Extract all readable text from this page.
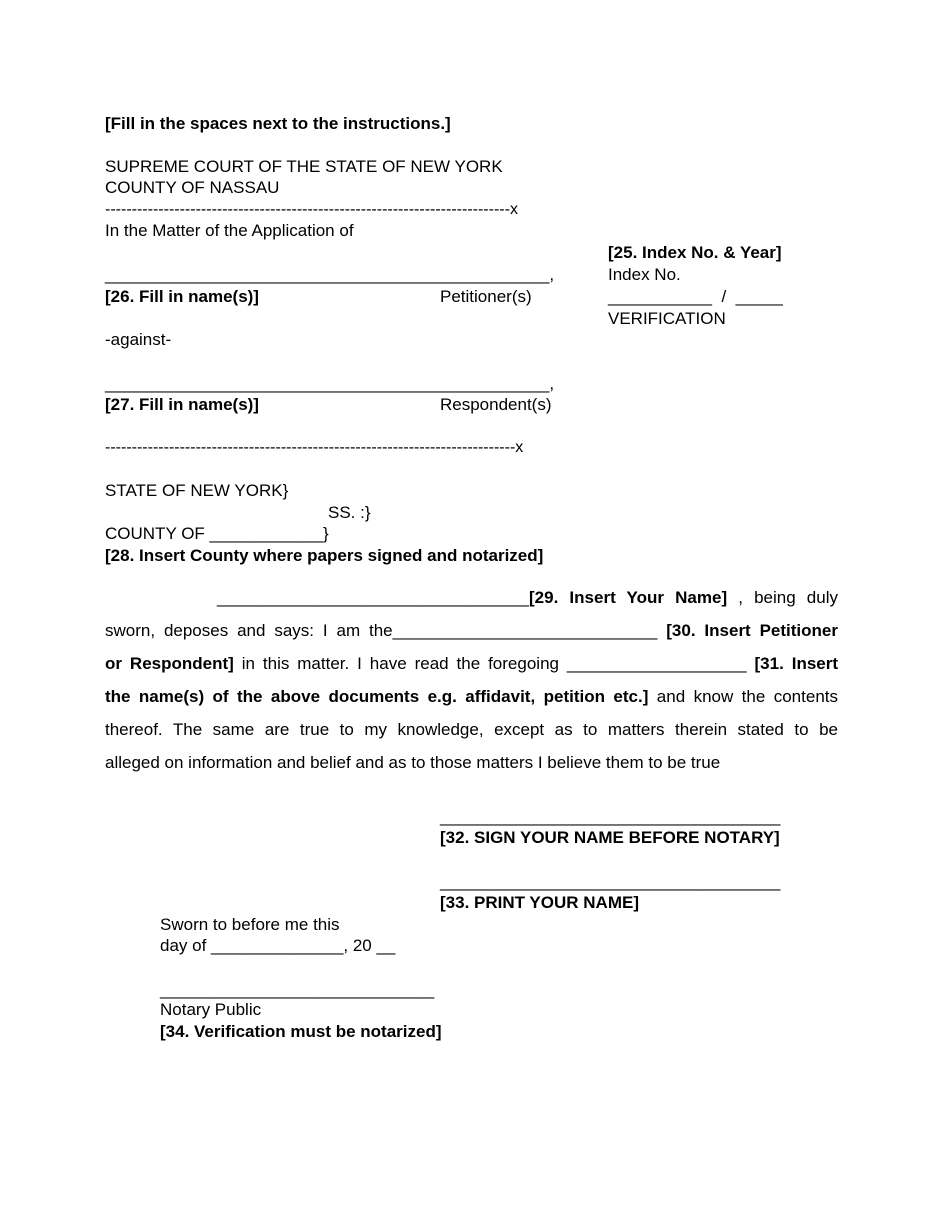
[Fill in the spaces next to the instructions.]
SUPREME COURT OF THE STATE OF NEW YORK
COUNTY OF NASSAU
----------------------------------------------------------------------------x
In the Matter of the Application of
_______________________________________________,
[26. Fill in name(s)]	Petitioner(s)
-against-
_______________________________________________,
[27. Fill in name(s)]	Respondent(s)
-----------------------------------------------------------------------------x
[25. Index No. & Year]
Index No.
___________  /  _____
VERIFICATION
STATE OF NEW YORK}
SS. :}
COUNTY OF ____________}
[28. Insert County where papers signed and notarized]
_________________________________[29. Insert Your Name] , being duly
sworn, deposes and says: I am the____________________________ [30. Insert Petitioner
or Respondent] in this matter. I have read the foregoing ___________________ [31. Insert
the name(s) of the above documents e.g. affidavit, petition etc.] and know the contents
thereof. The same are true to my knowledge, except as to matters therein stated to be
alleged on information and belief and as to those matters I believe them to be true
____________________________________
[32. SIGN YOUR NAME BEFORE NOTARY]
____________________________________
[33. PRINT YOUR NAME]
Sworn to before me this
day of ______________, 20 __
_____________________________
Notary Public
[34. Verification must be notarized]
